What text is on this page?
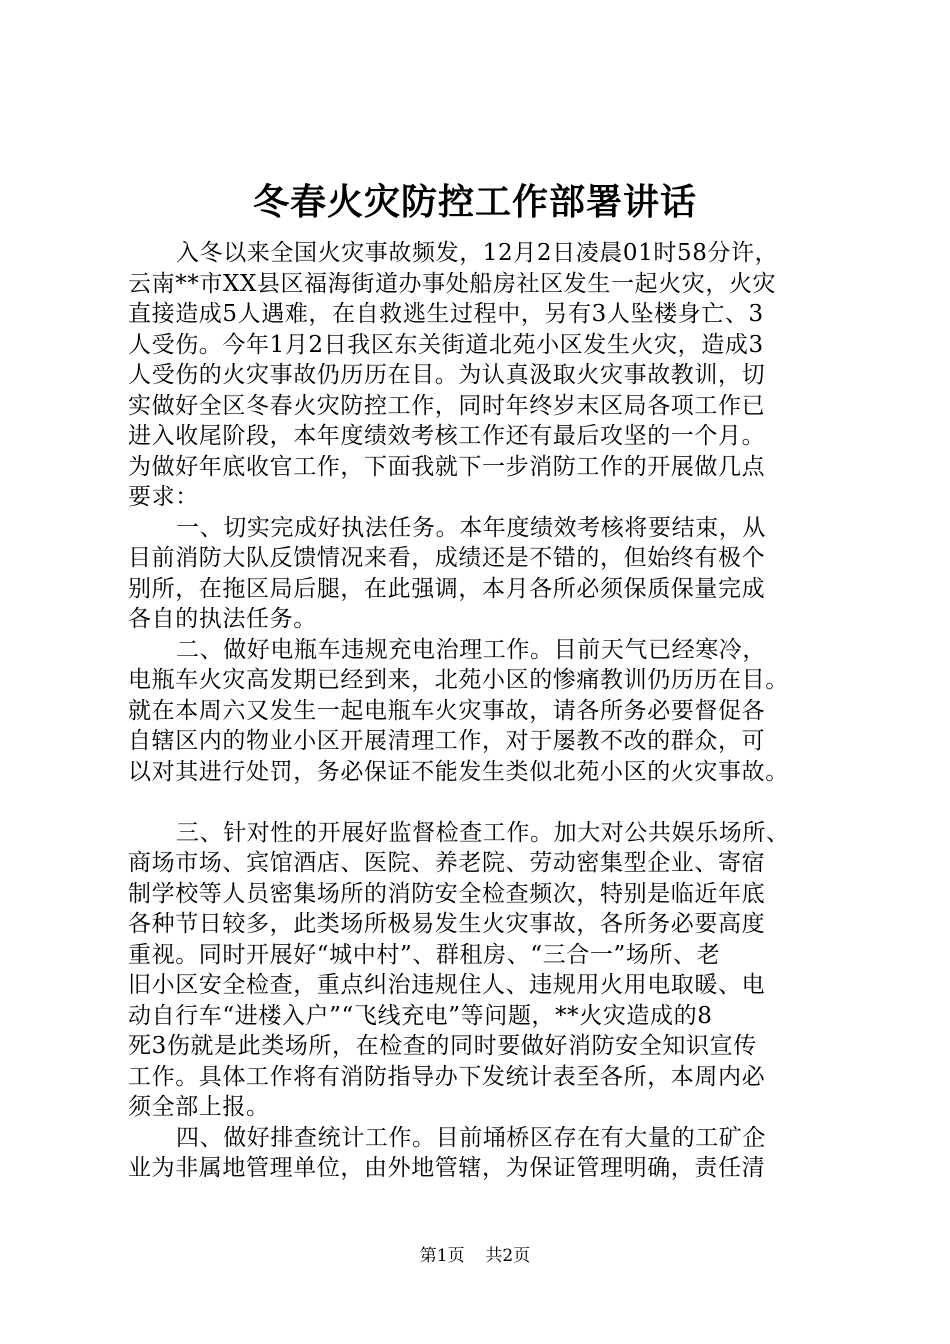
冬春火灾防控工作部署讲话
入冬以来全国火灾事故频发，12月2日凌晨01时58分许，
云南**市XX县区福海街道办事处船房社区发生一起火灾，火灾
直接造成5人遇难，在自救逃生过程中，另有3人坠楼身亡、3
人受伤。今年1月2日我区东关街道北苑小区发生火灾，造成3
人受伤的火灾事故仍历历在目。为认真汲取火灾事故教训，切
实做好全区冬春火灾防控工作，同时年终岁末区局各项工作已
进入收尾阶段，本年度绩效考核工作还有最后攻坚的一个月。
为做好年底收官工作，下面我就下一步消防工作的开展做几点
要求：
一、切实完成好执法任务。本年度绩效考核将要结束，从
目前消防大队反馈情况来看，成绩还是不错的，但始终有极个
别所，在拖区局后腿，在此强调，本月各所必须保质保量完成
各自的执法任务。
二、做好电瓶车违规充电治理工作。目前天气已经寒冷，
电瓶车火灾高发期已经到来，北苑小区的惨痛教训仍历历在目。
就在本周六又发生一起电瓶车火灾事故，请各所务必要督促各
自辖区内的物业小区开展清理工作，对于屡教不改的群众，可
以对其进行处罚，务必保证不能发生类似北苑小区的火灾事故。
三、针对性的开展好监督检查工作。加大对公共娱乐场所、
商场市场、宾馆酒店、医院、养老院、劳动密集型企业、寄宿
制学校等人员密集场所的消防安全检查频次，特别是临近年底
各种节日较多，此类场所极易发生火灾事故，各所务必要高度
重视。同时开展好“城中村”、群租房、“三合一”场所、老
旧小区安全检查，重点纠治违规住人、违规用火用电取暖、电
动自行车“进楼入户”“飞线充电”等问题，**火灾造成的8
死3伤就是此类场所，在检查的同时要做好消防安全知识宣传
工作。具体工作将有消防指导办下发统计表至各所，本周内必
须全部上报。
四、做好排查统计工作。目前埇桥区存在有大量的工矿企
业为非属地管理单位，由外地管辖，为保证管理明确，责任清
第1页 共2页
